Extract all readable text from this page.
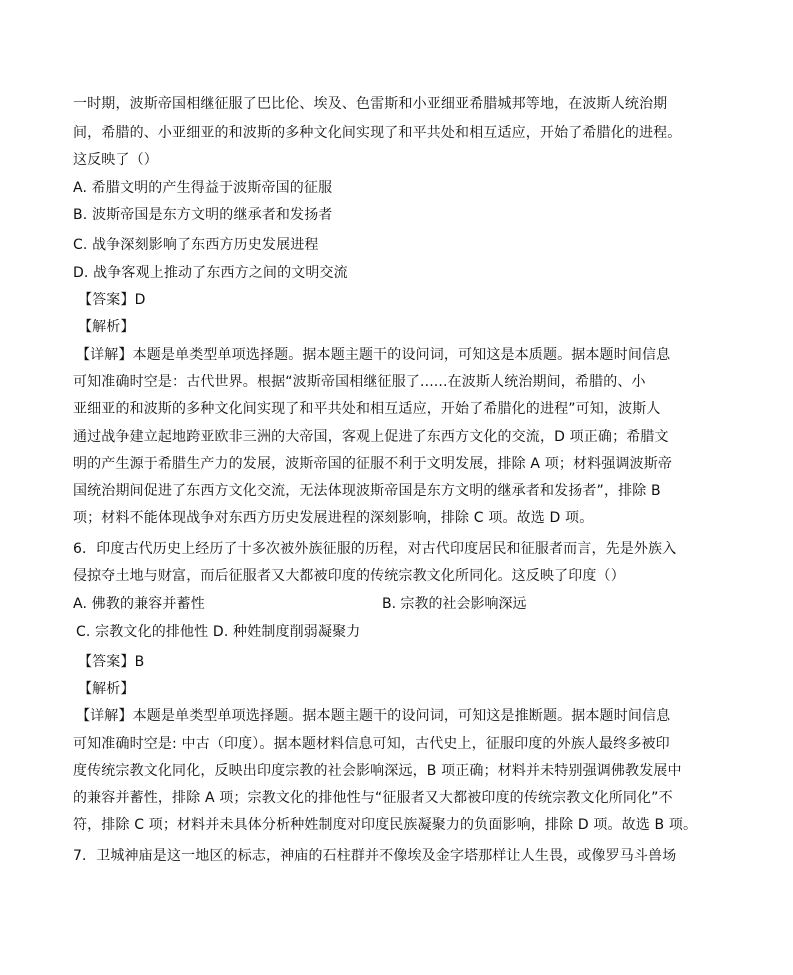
一时期，波斯帝国相继征服了巴比伦、埃及、色雷斯和小亚细亚希腊城邦等地，在波斯人统治期
间，希腊的、小亚细亚的和波斯的多种文化间实现了和平共处和相互适应，开始了希腊化的进程。
这反映了（）
A. 希腊文明的产生得益于波斯帝国的征服
B. 波斯帝国是东方文明的继承者和发扬者
C. 战争深刻影响了东西方历史发展进程
D. 战争客观上推动了东西方之间的文明交流
【答案】D
【解析】
【详解】本题是单类型单项选择题。据本题主题干的设问词，可知这是本质题。据本题时间信息
可知准确时空是：古代世界。根据“波斯帝国相继征服了......在波斯人统治期间，希腊的、小
亚细亚的和波斯的多种文化间实现了和平共处和相互适应，开始了希腊化的进程”可知，波斯人
通过战争建立起地跨亚欧非三洲的大帝国，客观上促进了东西方文化的交流，D 项正确；希腊文
明的产生源于希腊生产力的发展，波斯帝国的征服不利于文明发展，排除 A 项；材料强调波斯帝
国统治期间促进了东西方文化交流，无法体现波斯帝国是东方文明的继承者和发扬者”，排除 B
项；材料不能体现战争对东西方历史发展进程的深刻影响，排除 C 项。故选 D 项。
6．印度古代历史上经历了十多次被外族征服的历程，对古代印度居民和征服者而言，先是外族入
侵掠夺土地与财富，而后征服者又大都被印度的传统宗教文化所同化。这反映了印度（）
A. 佛教的兼容并蓄性	B. 宗教的社会影响深远
C. 宗教文化的排他性 D. 种姓制度削弱凝聚力
【答案】B
【解析】
【详解】本题是单类型单项选择题。据本题主题干的设问词，可知这是推断题。据本题时间信息
可知准确时空是: 中古（印度）。据本题材料信息可知，古代史上，征服印度的外族人最终多被印
度传统宗教文化同化，反映出印度宗教的社会影响深远，B 项正确；材料并未特别强调佛教发展中
的兼容并蓄性，排除 A 项；宗教文化的排他性与“征服者又大都被印度的传统宗教文化所同化”不
符，排除 C 项；材料并未具体分析种姓制度对印度民族凝聚力的负面影响，排除 D 项。故选 B 项。
7．卫城神庙是这一地区的标志，神庙的石柱群并不像埃及金字塔那样让人生畏，或像罗马斗兽场
